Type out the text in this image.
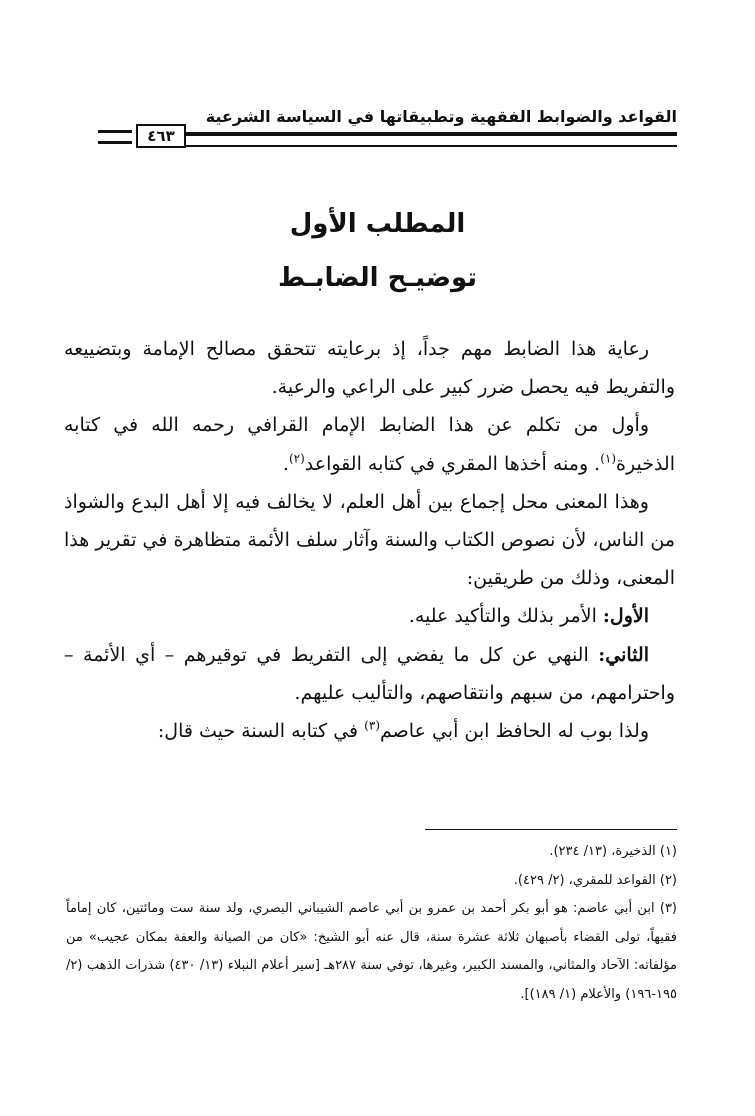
القواعد والضوابط الفقهية وتطبيقاتها في السياسة الشرعية
٤٦٣
المطلب الأول
توضيـح الضابـط

رعاية هذا الضابط مهم جداً، إذ برعايته تتحقق مصالح الإمامة وبتضييعه والتفريط فيه يحصل ضرر كبير على الراعي والرعية.

وأول من تكلم عن هذا الضابط الإمام القرافي رحمه الله في كتابه الذخيرة$^{(١)}$. ومنه أخذها المقري في كتابه القواعد$^{(٢)}$.

وهذا المعنى محل إجماع بين أهل العلم، لا يخالف فيه إلا أهل البدع والشواذ من الناس، لأن نصوص الكتاب والسنة وآثار سلف الأئمة متظاهرة في تقرير هذا المعنى، وذلك من طريقين:

الأول: الأمر بذلك والتأكيد عليه.

الثاني: النهي عن كل ما يفضي إلى التفريط في توقيرهم – أي الأئمة – واحترامهم، من سبهم وانتقاصهم، والتأليب عليهم.

ولذا بوب له الحافظ ابن أبي عاصم$^{(٣)}$ في كتابه السنة حيث قال:

(١) الذخيرة، (١٣/ ٢٣٤).

(٢) القواعد للمقري، (٢/ ٤٢٩).

(٣) ابن أبي عاصم: هو أبو بكر أحمد بن عمرو بن أبي عاصم الشيباني البصري، ولد سنة ست ومائتين، كان إماماً فقيهاً، تولى القضاء بأصبهان ثلاثة عشرة سنة، قال عنه أبو الشيخ: «كان من الصيانة والعفة بمكان عجيب» من مؤلفاته: الآحاد والمثاني، والمسند الكبير، وغيرها، توفي سنة ٢٨٧هـ [سير أعلام النبلاء (١٣/ ٤٣٠) شذرات الذهب (٢/ ١٩٥-١٩٦) والأعلام (١/ ١٨٩)].
